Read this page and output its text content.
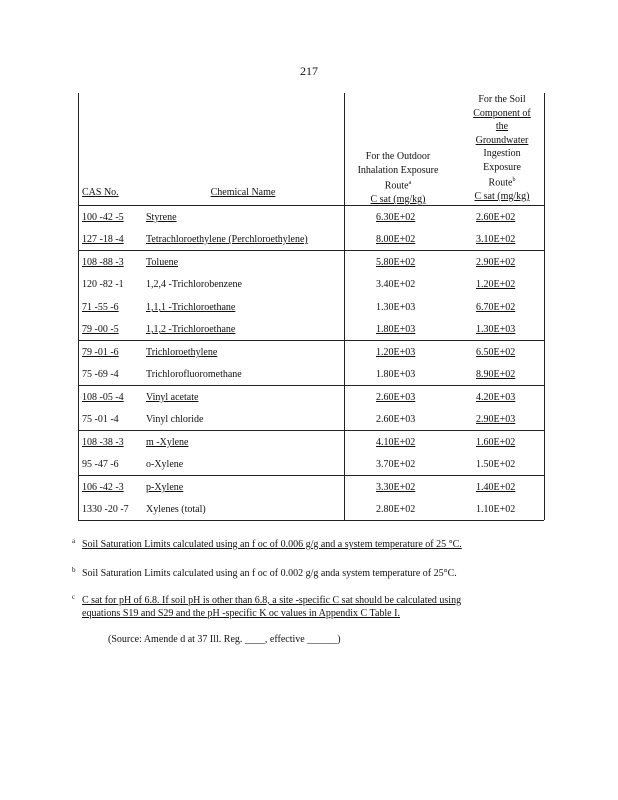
217
CAS No.	Chemical Name
For the Outdoor
Inhalation Exposure
Route$^a$
C sat (mg/kg)
For the Soil
Component of
the
Groundwater
Ingestion
Exposure
Route$^b$
C sat (mg/kg)
100 -42 -5 Styrene	6.30E+02	2.60E+02
127 -18 -4 Tetrachloroethylene (Perchloroethylene)	8.00E+02	3.10E+02
108 -88 -3 Toluene	5.80E+02	2.90E+02
120 -82 -1 1,2,4 -Trichlorobenzene	3.40E+02	1.20E+02
71 -55 -6	1,1,1 -Trichloroethane	1.30E+03	6.70E+02
79 -00 -5	1,1,2 -Trichloroethane	1.80E+03	1.30E+03
79 -01 -6	Trichloroethylene	1.20E+03	6.50E+02
75 -69 -4	Trichlorofluoromethane	1.80E+03	8.90E+02
108 -05 -4 Vinyl acetate	2.60E+03	4.20E+03
75 -01 -4	Vinyl chloride	2.60E+03	2.90E+03
108 -38 -3 m -Xylene	4.10E+02	1.60E+02
95 -47 -6	o-Xylene	3.70E+02	1.50E+02
106 -42 -3 p-Xylene	3.30E+02	1.40E+02
1330 -20 -7 Xylenes (total)	2.80E+02	1.10E+02
a Soil Saturation Limits calculated using an f oc of 0.006 g/g and a system temperature of 25 °C.
b Soil Saturation Limits calculated using an f oc of 0.002 g/g anda system temperature of 25°C.
c C sat for pH of 6.8. If soil pH is other than 6.8, a site -specific C sat should be calculated using
equations S19 and S29 and the pH -specific K oc values in Appendix C Table I.
(Source: Amende d at 37 Ill. Reg. ____, effective ______)
